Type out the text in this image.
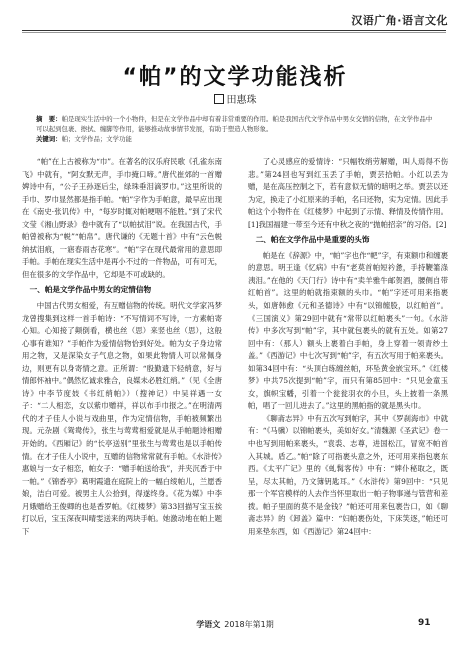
汉语广角·语言文化
“帕”的文学功能浅析
田惠珠
摘　要：帕是现实生活中的一个小物件，但是在文学作品中却有着非常重要的作用。帕是我国古代文学作品中男女交情的信物，在文学作品中可以起到包裹、擦拭、缠脚等作用，能够推动故事情节发展，有助于塑造人物形象。
关键词：帕；文学作品；文学功能

“帕”在上古被称为“巾”。在著名的汉乐府民歌《孔雀东南飞》中就有，“阿女默无声，手巾掩口啼。”唐代崔郊的一首赠婢诗中有，“公子王孙逐后尘，绿珠垂泪滴罗巾。”这里所说的手巾、罗巾显然都是指手帕。“帕”字作为手帕意，最早应出现在《南史·张讥传》中，“每岁时辄对帕哽咽不能胜。”到了宋代文莹《湘山野录》卷中就有了“以帕拭泪”说。在我国古代，手帕曾被称为“帨”“帕帛”。唐代谦的《无题十首》中有“云色帨纳拭泪痕，一寤春雨杏花寒”。“帕”字在现代最常用的意思即手帕。手帕在现实生活中是再小不过的一件物品，可有可无，但在很多的文学作品中，它却是不可或缺的。

一、帕是文学作品中男女的定情信物

中国古代男女相爱，有互赠信物的传统。明代文学家冯梦龙曾搜集到这样一首手帕诗：“不写情词不写诗，一方素帕寄心知。心知接了颠倒看，横也丝（思）来竖也丝（思），这般心事有谁知？”手帕作为爱情信物恰到好处。帕为女子身边常用之物，又是深染女子气息之物，如果此物情人可以常佩身边，则更有以身寄情之意。正所谓：“殷勤遗下轻绡意，好与情郎怀袖中。”偶然忆诚求雅合，良媒未必胜红绡。”（见《全唐诗》中李节度妓《书红绡帕》）（搜神记）中吴祥遇一女子：“二人相恋，女以紫巾赠祥，祥以布手巾报之。”在明清两代的才子佳人小说与戏曲里，作为定情信物，手帕被频繁出现。元杂剧《鸳鸯传》，张生与莺莺相爱就是从手帕题诗相赠开始的。《西厢记》的“长亭送别”里张生与莺莺也是以手帕传情。在才子佳人小说中，互赠的信物常常就有手帕。《水浒传》惠娘与一女子相恋，帕女子：“赠手帕送给我”，并夹沉香于中一帕。”《锦香亭》葛明霞遗在庭院上的一幅白绫帕儿，兰愿香娘，洁白可爱。被男主人公拾到，得遂终身。《花为媒》中李月娥赠给王俊卿的也是香罗帕。《红楼梦》第33回描写宝玉挨打以后，宝玉深夜叫晴雯送来的两块手帕。她激动地在帕上题下

了心灵感应的爱情诗：“只幅牧绡劳解赠，叫人焉得不伤悲。”第24回也写到红玉丢了手帕，贾芸拾帕。小红以丢为赠，是在高压控制之下，若有意似无情的暗明之举。贾芸以还为定，换走了小红原来的手帕，名曰还物，实为定情。因此手帕这个小物件在《红楼梦》中起到了示情、释情及传情作用。[1]我国福建一带至今还有中秋之夜的“抛帕招亲”的习俗。[2]

二、帕在文学作品中是重要的头饰

帕是在《辞源》中，“帕”字也作“帊”字，有束额巾和缠裹的意思。明王逢《忆病》中有“老莫首帕短衿惫，手持鞭箠涤洟泪。”在他的《天门行》诗中有“卖羊雅牛邮贺酒，腰侧自带红帕首”。这里的帕就指束额的头巾。“帕”字还可用来指裹头，如唐韩愈《元和圣德诗》中有“以锦缠股，以红帕首”。《三国演义》第29回中就有“常带以红帕裹头”一句。《水浒传》中多次写到“帕”字，其中就包裹头的就有五处。如第27回中有：（那人）额头上裹着白手帕，身上穿着一领青纱土盖。”《西游记》中七次写到“帕”字，有五次写用于帕来裹头。如第34回中有：“头顶白练缠丝帕，环坠黄金嵌宝环。”《红楼梦》中共75次提到“帕”字，而只有第85回中：“只见金童玉女，旗帜宝幡，引着一个瓮瓮羽衣的小旦，头上披着一条黑帕，唱了一回儿进去了。”这里的黑帕指的就是黑头巾。

《聊斋志异》中有五次写到帕字，其中《罗刹海市》中就有：“《马骥）以锦帕裹头，美如好女。”清魏源《圣武记》卷一中也写到用帕来裹头，“袁裘、志尊，进国松江，冒宽不帕首入其城。盾乙。”帕“除了可指裹头意之外，还可用来指包裹东西。《太平广记》里的《虬髯客传》中有：“婢仆秘取之，既呈，尽太其帕，乃文簿钥匙耳。”《水浒传》第9回中：“只见那一个军官模样的人去作当怀里取出一帕子物事递与管营和差拨。帕子里面的莫不是金钱？”帕还可用来包裹告口，如《聊斋志异》的《卸盖》篇中：“妇帕裹伤处，下床笑逐，”帕还可用来垫东西，如《西游记》第24回中：

学语文 2018年第1期	91
